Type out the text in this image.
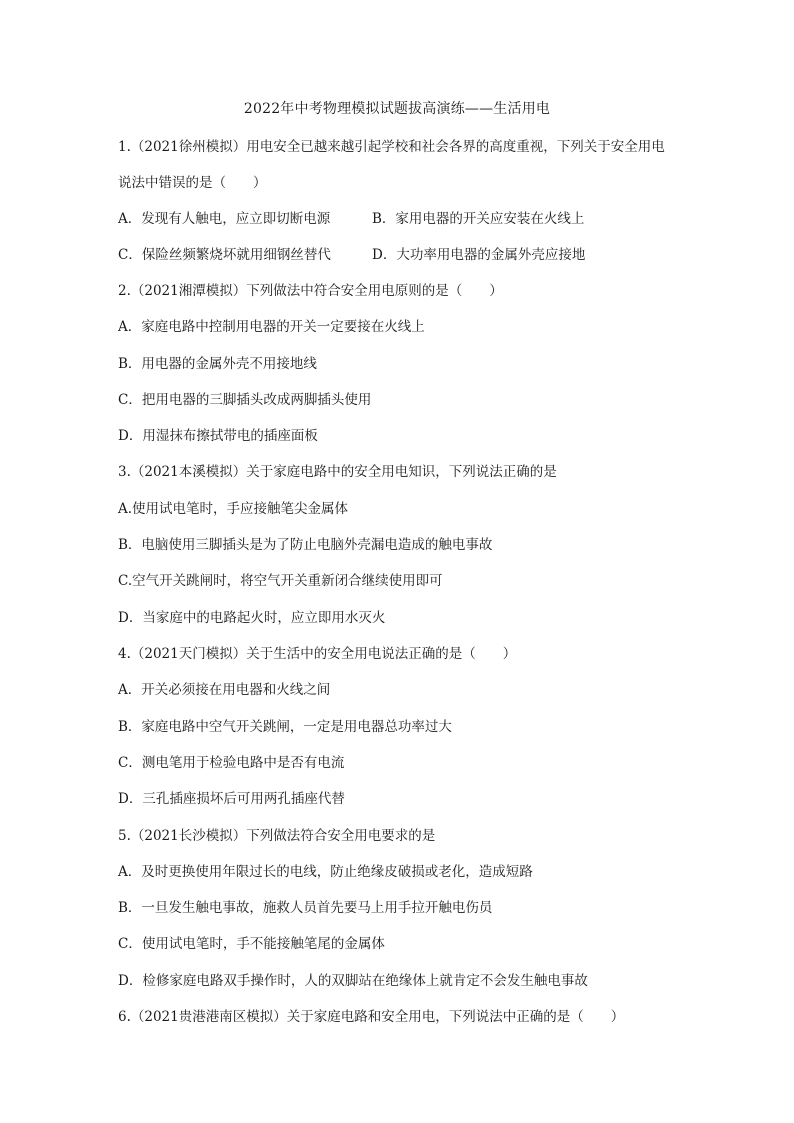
2022年中考物理模拟试题拔高演练——生活用电
1.（2021徐州模拟）用电安全已越来越引起学校和社会各界的高度重视，下列关于安全用电
说法中错误的是（　　）
A．发现有人触电，应立即切断电源	B．家用电器的开关应安装在火线上
C．保险丝频繁烧坏就用细钢丝替代	D．大功率用电器的金属外壳应接地
2.（2021湘潭模拟）下列做法中符合安全用电原则的是（　　）
A．家庭电路中控制用电器的开关一定要接在火线上
B．用电器的金属外壳不用接地线
C．把用电器的三脚插头改成两脚插头使用
D．用湿抹布擦拭带电的插座面板
3.（2021本溪模拟）关于家庭电路中的安全用电知识，下列说法正确的是
A.使用试电笔时，手应接触笔尖金属体
B．电脑使用三脚插头是为了防止电脑外壳漏电造成的触电事故
C.空气开关跳闸时，将空气开关重新闭合继续使用即可
D．当家庭中的电路起火时，应立即用水灭火
4.（2021天门模拟）关于生活中的安全用电说法正确的是（　　）
A．开关必须接在用电器和火线之间
B．家庭电路中空气开关跳闸，一定是用电器总功率过大
C．测电笔用于检验电路中是否有电流
D．三孔插座损坏后可用两孔插座代替
5.（2021长沙模拟）下列做法符合安全用电要求的是
A．及时更换使用年限过长的电线，防止绝缘皮破损或老化，造成短路
B．一旦发生触电事故，施救人员首先要马上用手拉开触电伤员
C．使用试电笔时，手不能接触笔尾的金属体
D．检修家庭电路双手操作时，人的双脚站在绝缘体上就肯定不会发生触电事故
6.（2021贵港港南区模拟）关于家庭电路和安全用电，下列说法中正确的是（　　）
